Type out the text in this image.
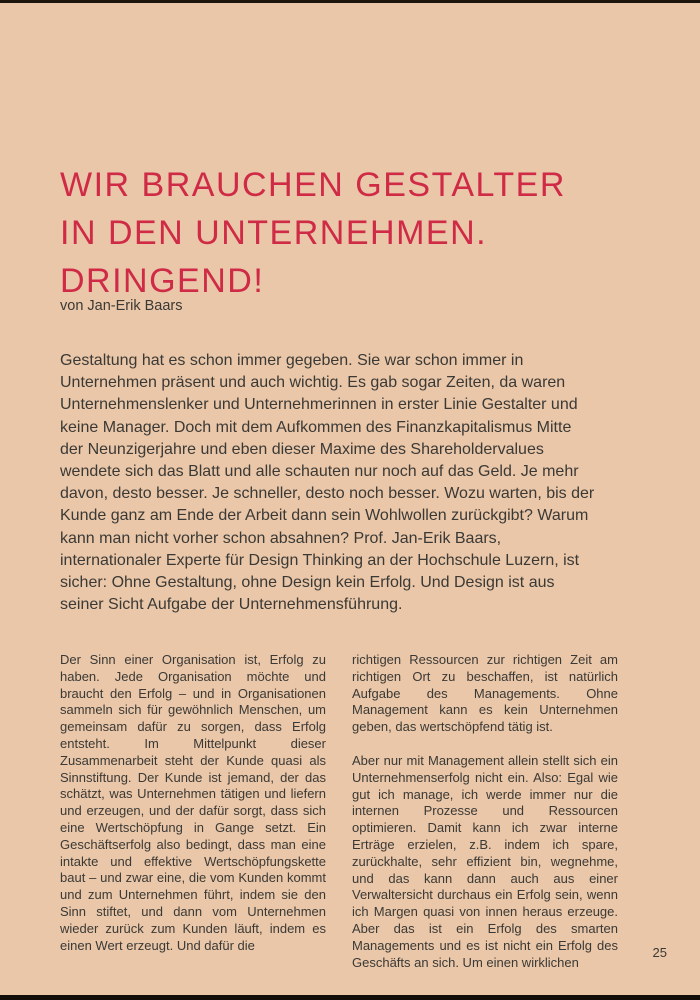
WIR BRAUCHEN GESTALTER
IN DEN UNTERNEHMEN.
DRINGEND!
von Jan-Erik Baars
Gestaltung hat es schon immer gegeben. Sie war schon immer in Unternehmen präsent und auch wichtig. Es gab sogar Zeiten, da waren Unternehmenslenker und Unternehmerinnen in erster Linie Gestalter und keine Manager. Doch mit dem Aufkommen des Finanzkapitalismus Mitte der Neunzigerjahre und eben dieser Maxime des Shareholdervalues wendete sich das Blatt und alle schauten nur noch auf das Geld. Je mehr davon, desto besser. Je schneller, desto noch besser. Wozu warten, bis der Kunde ganz am Ende der Arbeit dann sein Wohlwollen zurückgibt? Warum kann man nicht vorher schon absahnen? Prof. Jan-Erik Baars, internationaler Experte für Design Thinking an der Hochschule Luzern, ist sicher: Ohne Gestaltung, ohne Design kein Erfolg. Und Design ist aus seiner Sicht Aufgabe der Unternehmensführung.

Der Sinn einer Organisation ist, Erfolg zu haben. Jede Organisation möchte und braucht den Erfolg – und in Organisationen sammeln sich für gewöhnlich Menschen, um gemeinsam dafür zu sorgen, dass Erfolg entsteht. Im Mittelpunkt dieser Zusammenarbeit steht der Kunde quasi als Sinnstiftung. Der Kunde ist jemand, der das schätzt, was Unternehmen tätigen und liefern und erzeugen, und der dafür sorgt, dass sich eine Wertschöpfung in Gange setzt. Ein Geschäftserfolg also bedingt, dass man eine intakte und effektive Wertschöpfungskette baut – und zwar eine, die vom Kunden kommt und zum Unternehmen führt, indem sie den Sinn stiftet, und dann vom Unternehmen wieder zurück zum Kunden läuft, indem es einen Wert erzeugt. Und dafür die

richtigen Ressourcen zur richtigen Zeit am richtigen Ort zu beschaffen, ist natürlich Aufgabe des Managements. Ohne Management kann es kein Unternehmen geben, das wertschöpfend tätig ist.

Aber nur mit Management allein stellt sich ein Unternehmenserfolg nicht ein. Also: Egal wie gut ich manage, ich werde immer nur die internen Prozesse und Ressourcen optimieren. Damit kann ich zwar interne Erträge erzielen, z.B. indem ich spare, zurückhalte, sehr effizient bin, wegnehme, und das kann dann auch aus einer Verwaltersicht durchaus ein Erfolg sein, wenn ich Margen quasi von innen heraus erzeuge. Aber das ist ein Erfolg des smarten Managements und es ist nicht ein Erfolg des Geschäfts an sich. Um einen wirklichen

25
